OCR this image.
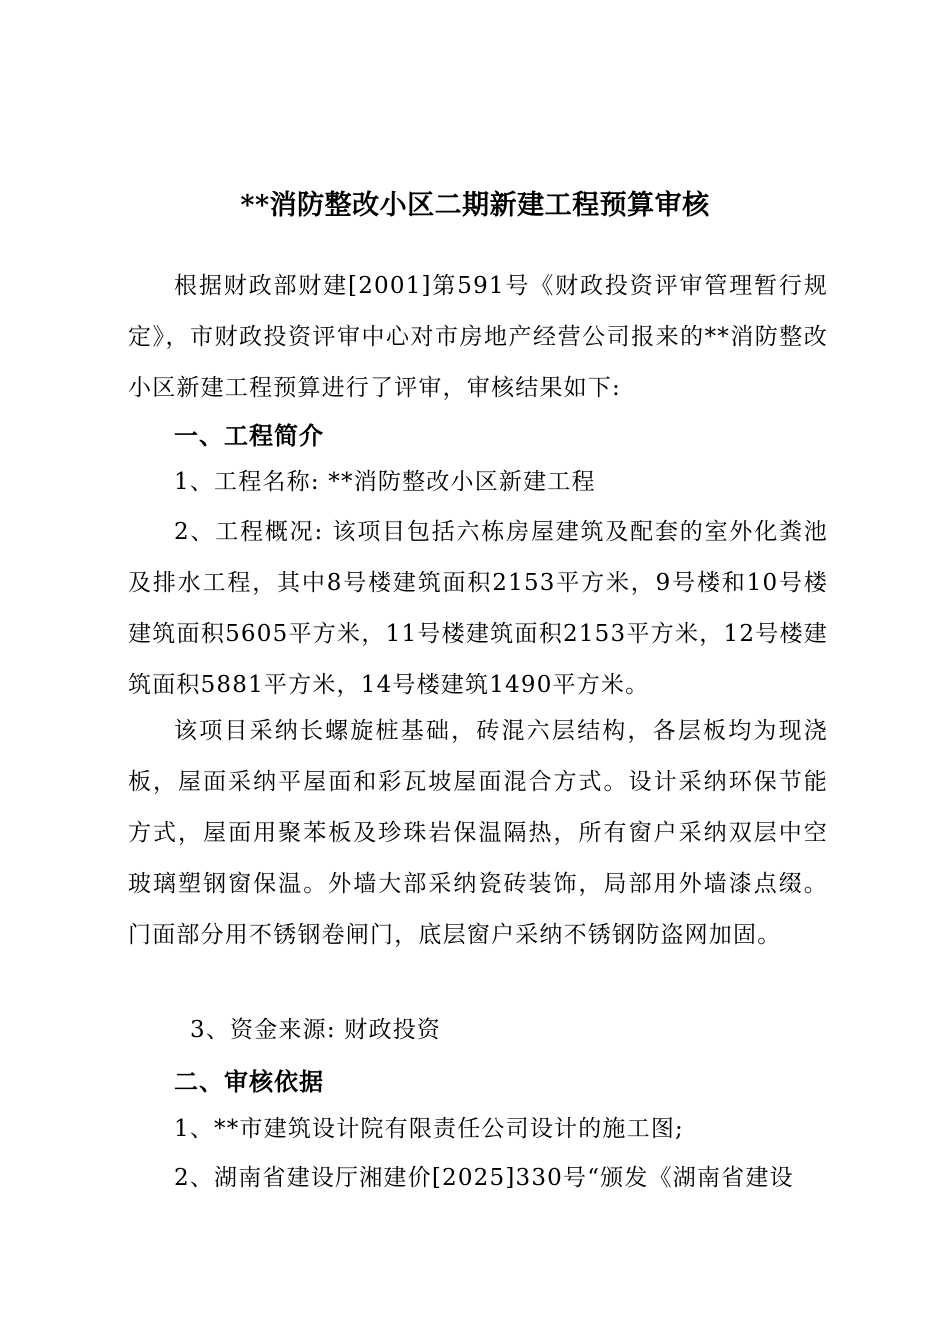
**消防整改小区二期新建工程预算审核
根据财政部财建[2001]第591号《财政投资评审管理暂行规定》，市财政投资评审中心对市房地产经营公司报来的**消防整改小区新建工程预算进行了评审，审核结果如下:
一、工程简介
1、工程名称: **消防整改小区新建工程
2、工程概况: 该项目包括六栋房屋建筑及配套的室外化粪池及排水工程，其中8号楼建筑面积2153平方米，9号楼和10号楼建筑面积5605平方米，11号楼建筑面积2153平方米，12号楼建筑面积5881平方米，14号楼建筑1490平方米。
该项目采纳长螺旋桩基础，砖混六层结构，各层板均为现浇板，屋面采纳平屋面和彩瓦坡屋面混合方式。设计采纳环保节能方式，屋面用聚苯板及珍珠岩保温隔热，所有窗户采纳双层中空玻璃塑钢窗保温。外墙大部采纳瓷砖装饰，局部用外墙漆点缀。门面部分用不锈钢卷闸门，底层窗户采纳不锈钢防盗网加固。
3、资金来源: 财政投资
二、审核依据
1、**市建筑设计院有限责任公司设计的施工图;
2、湖南省建设厅湘建价[2025]330号“颁发《湖南省建设
